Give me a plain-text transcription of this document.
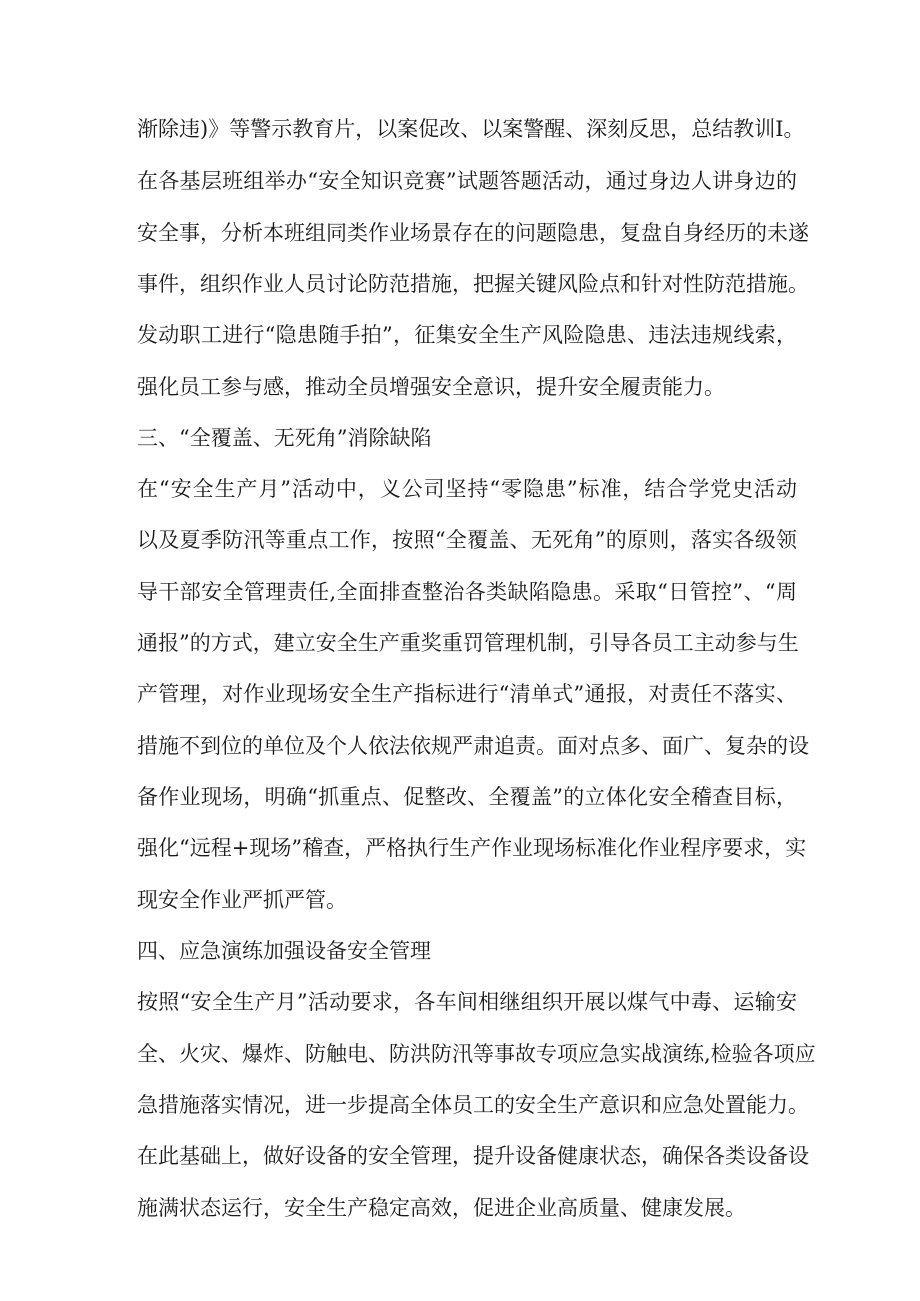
渐除违)》等警示教育片，以案促改、以案警醒、深刻反思，总结教训I。
在各基层班组举办“安全知识竞赛”试题答题活动，通过身边人讲身边的
安全事，分析本班组同类作业场景存在的问题隐患，复盘自身经历的未遂
事件，组织作业人员讨论防范措施，把握关键风险点和针对性防范措施。
发动职工进行“隐患随手拍”，征集安全生产风险隐患、违法违规线索，
强化员工参与感，推动全员增强安全意识，提升安全履责能力。
三、“全覆盖、无死角”消除缺陷
在“安全生产月”活动中，义公司坚持“零隐患”标准，结合学党史活动
以及夏季防汛等重点工作，按照“全覆盖、无死角”的原则，落实各级领
导干部安全管理责任,全面排查整治各类缺陷隐患。采取“日管控”、“周
通报”的方式，建立安全生产重奖重罚管理机制，引导各员工主动参与生
产管理，对作业现场安全生产指标进行“清单式”通报，对责任不落实、
措施不到位的单位及个人依法依规严肃追责。面对点多、面广、复杂的设
备作业现场，明确“抓重点、促整改、全覆盖”的立体化安全稽查目标，
强化“远程+现场”稽查，严格执行生产作业现场标准化作业程序要求，实
现安全作业严抓严管。
四、应急演练加强设备安全管理
按照“安全生产月”活动要求，各车间相继组织开展以煤气中毒、运输安
全、火灾、爆炸、防触电、防洪防汛等事故专项应急实战演练,检验各项应
急措施落实情况，进一步提高全体员工的安全生产意识和应急处置能力。
在此基础上，做好设备的安全管理，提升设备健康状态，确保各类设备设
施满状态运行，安全生产稳定高效，促进企业高质量、健康发展。
